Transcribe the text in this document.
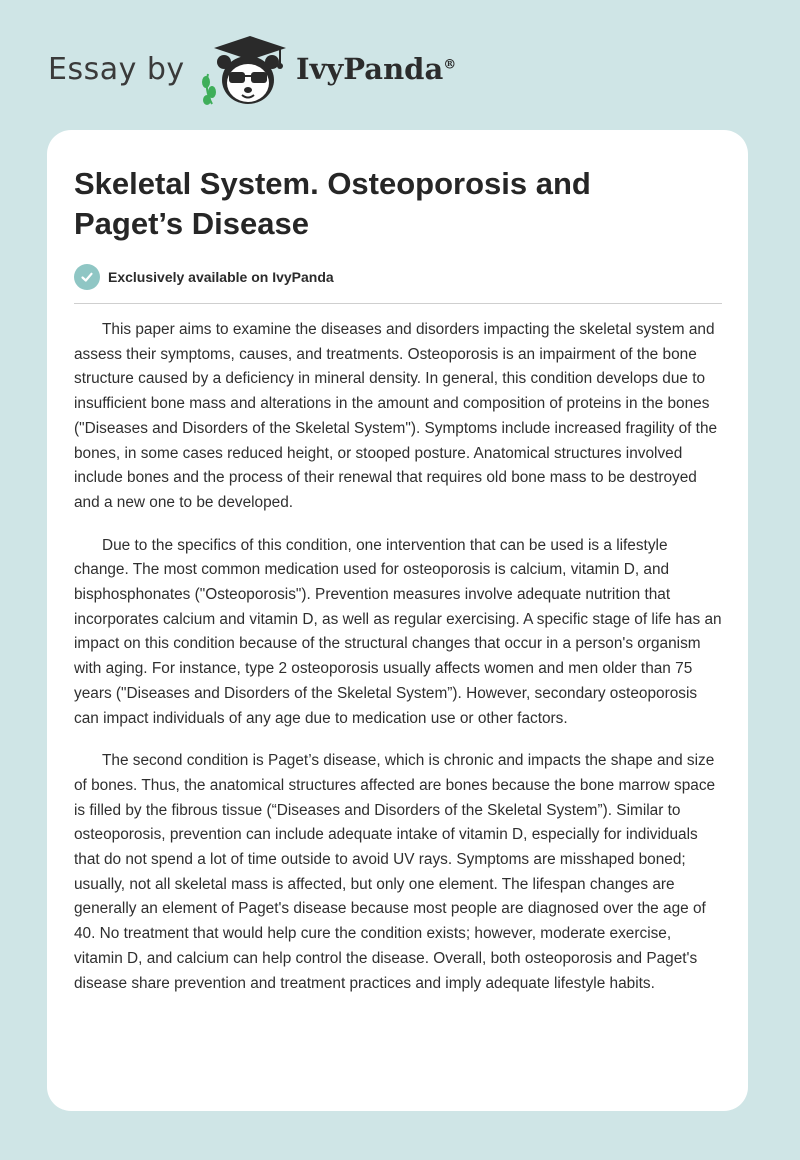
Essay by	IvyPanda®
Skeletal System. Osteoporosis and Paget’s Disease
Exclusively available on IvyPanda

This paper aims to examine the diseases and disorders impacting the skeletal system and assess their symptoms, causes, and treatments. Osteoporosis is an impairment of the bone structure caused by a deficiency in mineral density. In general, this condition develops due to insufficient bone mass and alterations in the amount and composition of proteins in the bones ("Diseases and Disorders of the Skeletal System"). Symptoms include increased fragility of the bones, in some cases reduced height, or stooped posture. Anatomical structures involved include bones and the process of their renewal that requires old bone mass to be destroyed and a new one to be developed.

Due to the specifics of this condition, one intervention that can be used is a lifestyle change. The most common medication used for osteoporosis is calcium, vitamin D, and bisphosphonates ("Osteoporosis"). Prevention measures involve adequate nutrition that incorporates calcium and vitamin D, as well as regular exercising. A specific stage of life has an impact on this condition because of the structural changes that occur in a person's organism with aging. For instance, type 2 osteoporosis usually affects women and men older than 75 years ("Diseases and Disorders of the Skeletal System”). However, secondary osteoporosis can impact individuals of any age due to medication use or other factors.

The second condition is Paget’s disease, which is chronic and impacts the shape and size of bones. Thus, the anatomical structures affected are bones because the bone marrow space is filled by the fibrous tissue (“Diseases and Disorders of the Skeletal System”). Similar to osteoporosis, prevention can include adequate intake of vitamin D, especially for individuals that do not spend a lot of time outside to avoid UV rays. Symptoms are misshaped boned; usually, not all skeletal mass is affected, but only one element. The lifespan changes are generally an element of Paget's disease because most people are diagnosed over the age of 40. No treatment that would help cure the condition exists; however, moderate exercise, vitamin D, and calcium can help control the disease. Overall, both osteoporosis and Paget's disease share prevention and treatment practices and imply adequate lifestyle habits.
